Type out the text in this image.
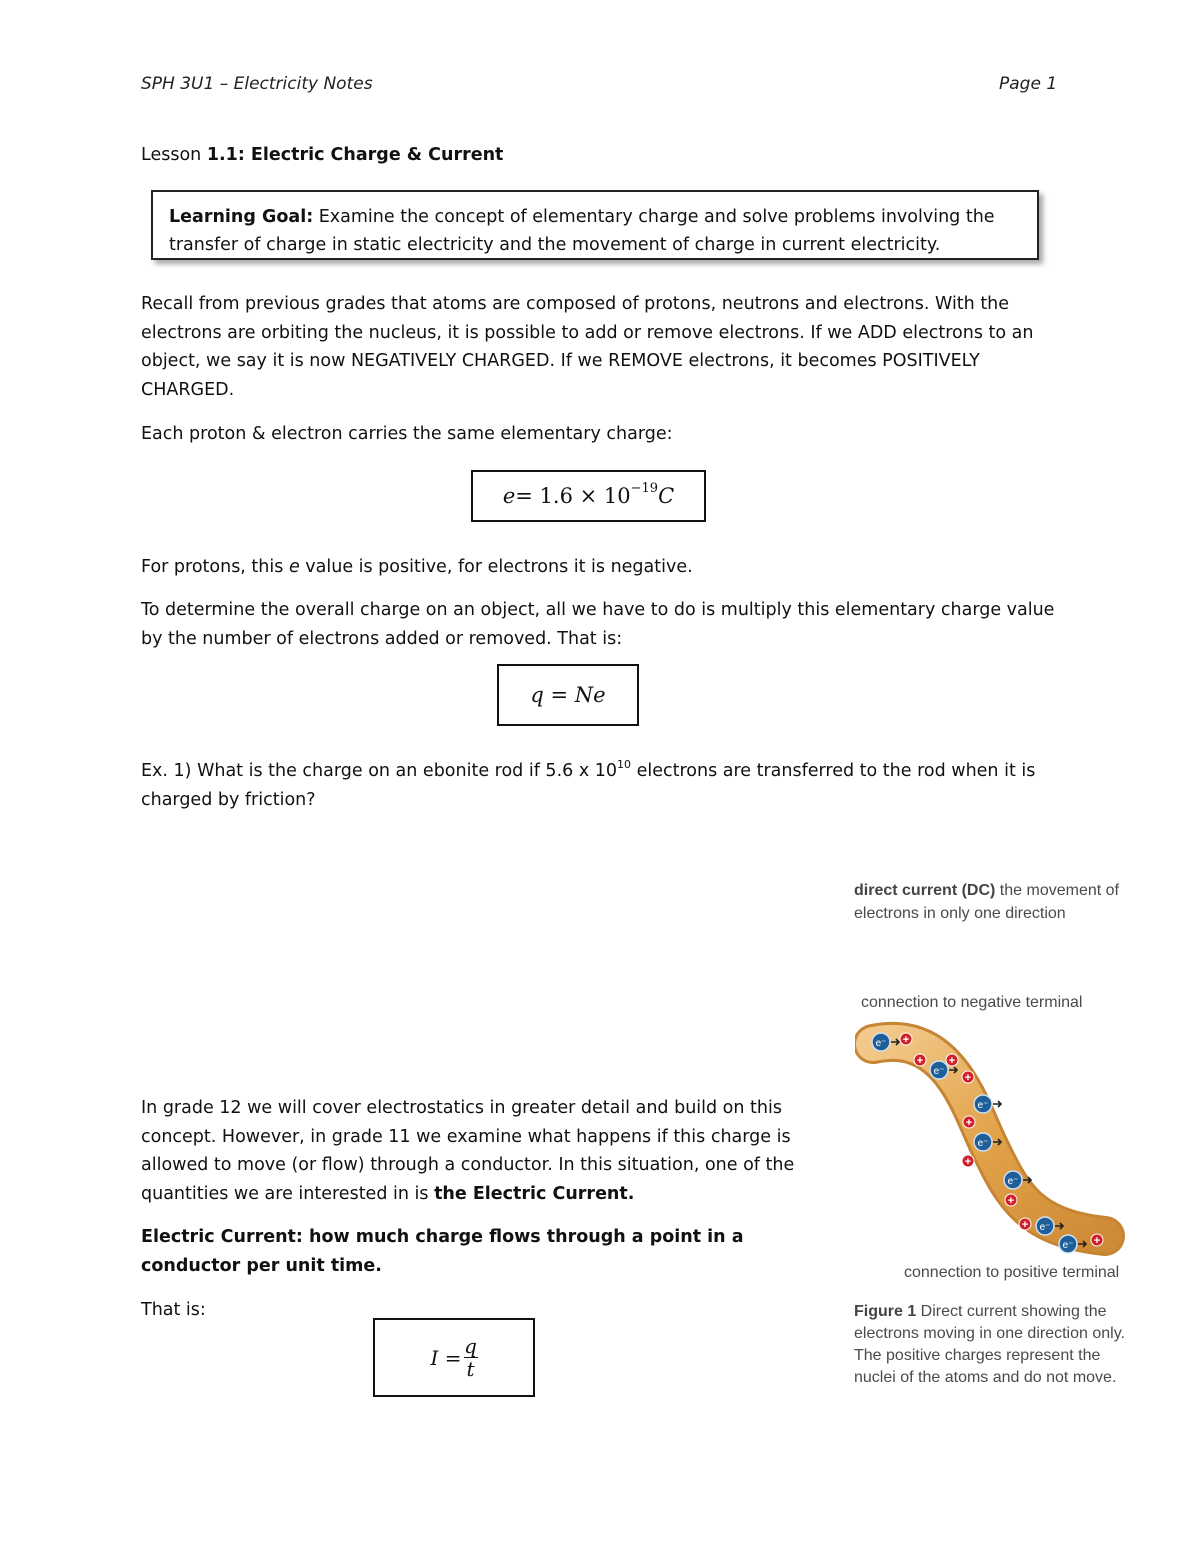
SPH 3U1 – Electricity Notes	Page 1
Lesson 1.1: Electric Charge & Current
Learning Goal: Examine the concept of elementary charge and solve problems involving the transfer of charge in static electricity and the movement of charge in current electricity.
Recall from previous grades that atoms are composed of protons, neutrons and electrons. With the electrons are orbiting the nucleus, it is possible to add or remove electrons. If we ADD electrons to an object, we say it is now NEGATIVELY CHARGED. If we REMOVE electrons, it becomes POSITIVELY CHARGED.
Each proton & electron carries the same elementary charge:
$e = 1.6 \times 10^{-19}$ C
For protons, this e value is positive, for electrons it is negative.
To determine the overall charge on an object, all we have to do is multiply this elementary charge value by the number of electrons added or removed. That is:
q = Ne
Ex. 1) What is the charge on an ebonite rod if 5.6 x $10^{10}$ electrons are transferred to the rod when it is charged by friction?
In grade 12 we will cover electrostatics in greater detail and build on this concept. However, in grade 11 we examine what happens if this charge is allowed to move (or flow) through a conductor. In this situation, one of the quantities we are interested in is the Electric Current.
Electric Current: how much charge flows through a point in a conductor per unit time.
That is:
I = q
t
direct current (DC) the movement of electrons in only one direction
connection to negative terminal
+
+ +
+
+
+
+
+
+
e⁻
e⁻
e⁻
e⁻
e⁻
e⁻
e⁻
connection to positive terminal
Figure 1 Direct current showing the electrons moving in one direction only. The positive charges represent the nuclei of the atoms and do not move.
